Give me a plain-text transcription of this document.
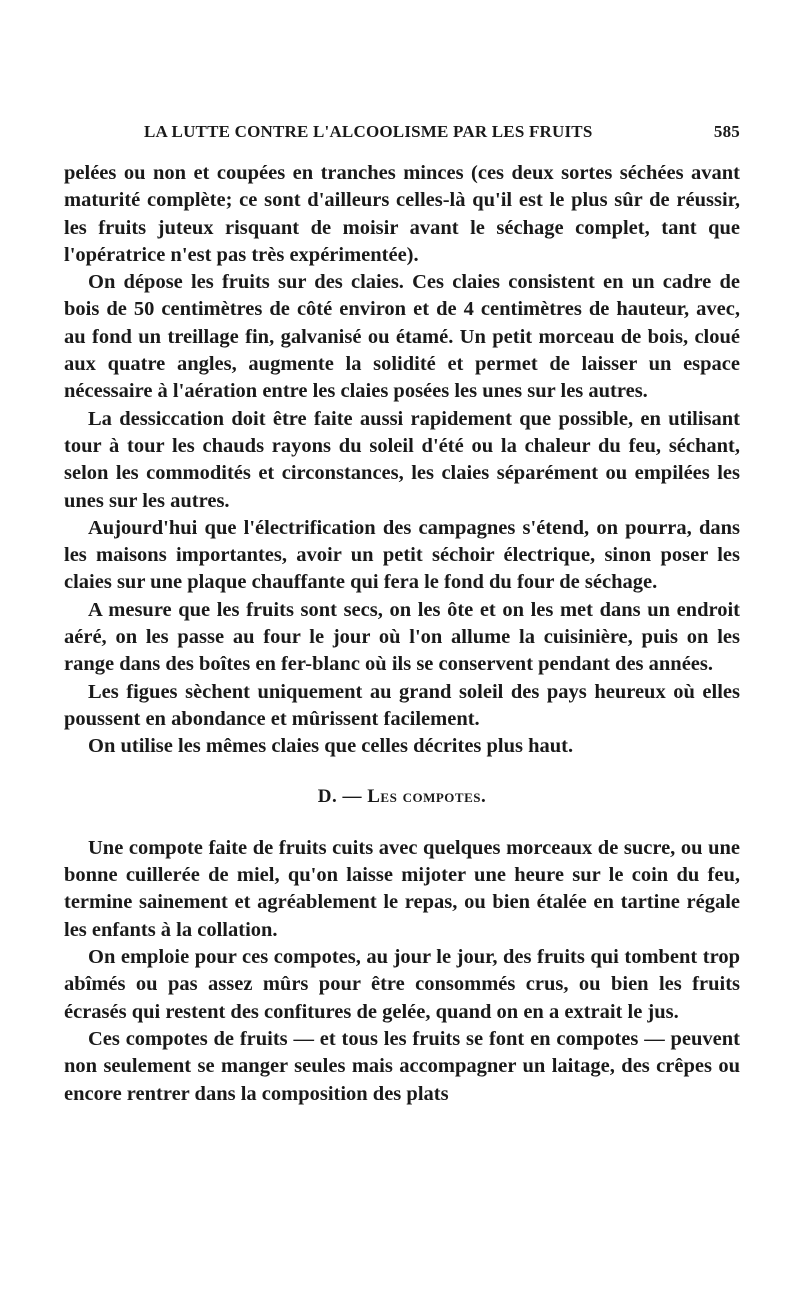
LA LUTTE CONTRE L'ALCOOLISME PAR LES FRUITS	585

pelées ou non et coupées en tranches minces (ces deux sortes séchées avant maturité complète; ce sont d'ailleurs celles-là qu'il est le plus sûr de réussir, les fruits juteux risquant de moisir avant le séchage complet, tant que l'opératrice n'est pas très expérimentée).

On dépose les fruits sur des claies. Ces claies consistent en un cadre de bois de 50 centimètres de côté environ et de 4 centimètres de hauteur, avec, au fond un treillage fin, galvanisé ou étamé. Un petit morceau de bois, cloué aux quatre angles, augmente la solidité et permet de laisser un espace nécessaire à l'aération entre les claies posées les unes sur les autres.

La dessiccation doit être faite aussi rapidement que possible, en utilisant tour à tour les chauds rayons du soleil d'été ou la chaleur du feu, séchant, selon les commodités et circonstances, les claies séparément ou empilées les unes sur les autres.

Aujourd'hui que l'électrification des campagnes s'étend, on pourra, dans les maisons importantes, avoir un petit séchoir électrique, sinon poser les claies sur une plaque chauffante qui fera le fond du four de séchage.

A mesure que les fruits sont secs, on les ôte et on les met dans un endroit aéré, on les passe au four le jour où l'on allume la cuisinière, puis on les range dans des boîtes en fer-blanc où ils se conservent pendant des années.

Les figues sèchent uniquement au grand soleil des pays heureux où elles poussent en abondance et mûrissent facilement.

On utilise les mêmes claies que celles décrites plus haut.

D. — Les compotes.

Une compote faite de fruits cuits avec quelques morceaux de sucre, ou une bonne cuillerée de miel, qu'on laisse mijoter une heure sur le coin du feu, termine sainement et agréablement le repas, ou bien étalée en tartine régale les enfants à la collation.

On emploie pour ces compotes, au jour le jour, des fruits qui tombent trop abîmés ou pas assez mûrs pour être consommés crus, ou bien les fruits écrasés qui restent des confitures de gelée, quand on en a extrait le jus.

Ces compotes de fruits — et tous les fruits se font en compotes — peuvent non seulement se manger seules mais accompagner un laitage, des crêpes ou encore rentrer dans la composition des plats
